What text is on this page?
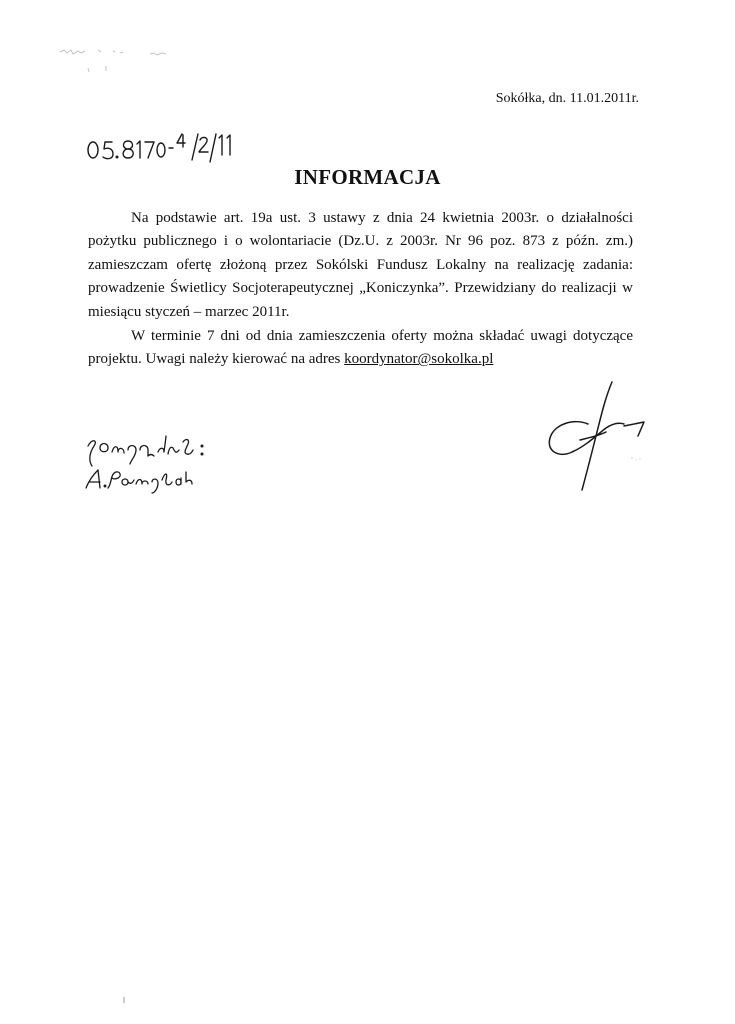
Sokółka, dn. 11.01.2011r.
INFORMACJA

Na podstawie art. 19a ust. 3 ustawy z dnia 24 kwietnia 2003r. o działalności pożytku publicznego i o wolontariacie (Dz.U. z 2003r. Nr 96 poz. 873 z późn. zm.) zamieszczam ofertę złożoną przez Sokólski Fundusz Lokalny na realizację zadania: prowadzenie Świetlicy Socjoterapeutycznej „Koniczynka”. Przewidziany do realizacji w miesiącu styczeń – marzec 2011r.

W terminie 7 dni od dnia zamieszczenia oferty można składać uwagi dotyczące projektu. Uwagi należy kierować na adres koordynator@sokolka.pl
